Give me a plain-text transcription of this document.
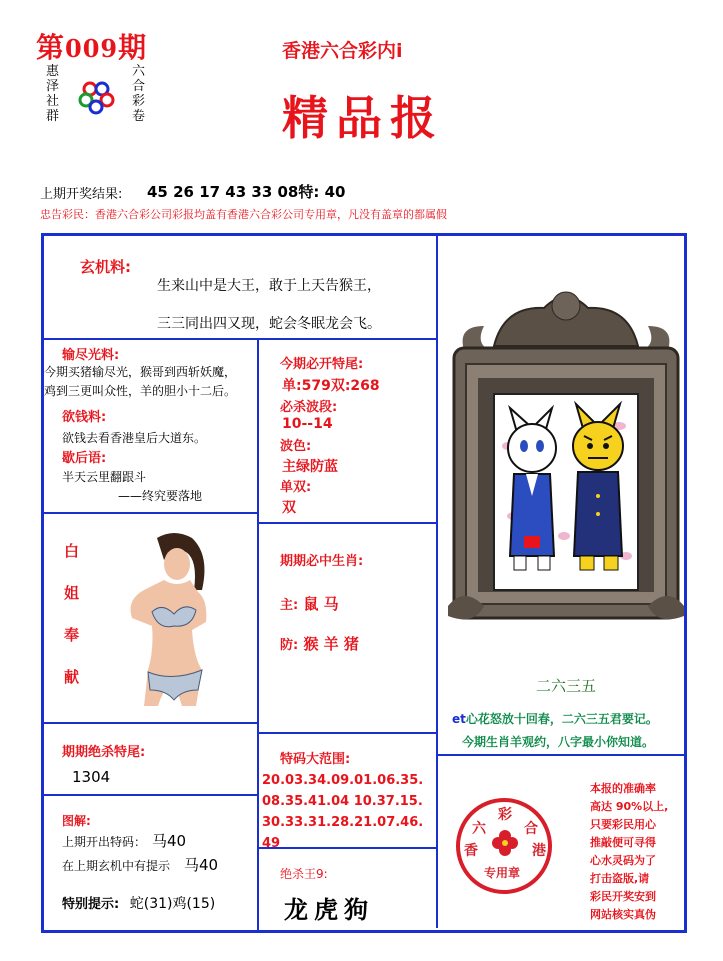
第009期
惠
泽
社
群
六
合
彩
卷
香港六合彩内i
精品报
上期开奖结果: 45 26 17 43 33 08特: 40
忠告彩民：香港六合彩公司彩报均盖有香港六合彩公司专用章，凡没有盖章的都属假
玄机料:
生来山中是大王，敢于上天告猴王，
三三同出四又现，蛇会冬眠龙会飞。
输尽光料:
今期买猪输尽光，猴哥到西斩妖魔，
鸡到三更叫众性，羊的胆小十二后。
欲钱料:
欲钱去看香港皇后大道东。
歇后语:
半天云里翻跟斗
——终究要落地
白
姐
奉
献
今期必开特尾:
单:579双:268
必杀波段:
10--14
波色:
主绿防蓝
单双:
双
期期必中生肖:
主: 鼠 马
防: 猴 羊 猪
二六三五
et心花怒放十回春，二六三五君要记。
今期生肖羊观约，八字最小你知道。
期期绝杀特尾:
1304
图解:
上期开出特码： 马40
在上期玄机中有提示 马40
特别提示: 蛇(31)鸡(15)
特码大范围:
20.03.34.09.01.06.35.
08.35.41.04 10.37.15.
30.33.31.28.21.07.46.
49
绝杀王9:
龙虎狗
彩
六	合
香	港
专用章
本报的准确率
高达 90%以上,
只要彩民用心
推敲便可寻得
心水灵码为了
打击盗版,请
彩民开奖安到
网站核实真伪
